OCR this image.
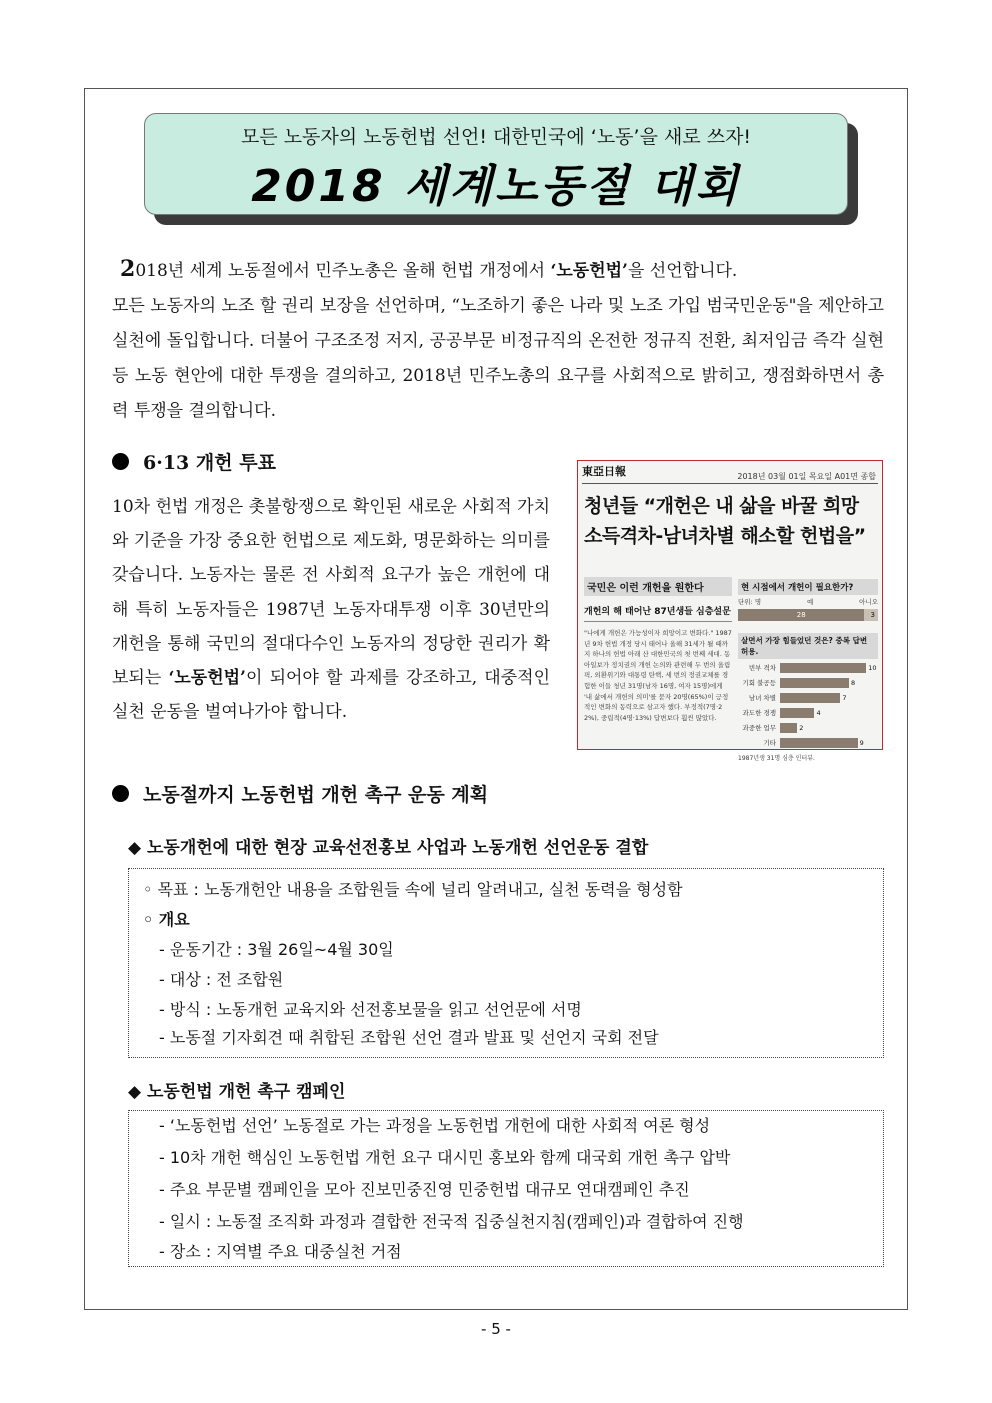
모든 노동자의 노동헌법 선언! 대한민국에 ‘노동’을 새로 쓰자!
2018 세계노동절 대회
2018년 세계 노동절에서 민주노총은 올해 헌법 개정에서 ‘노동헌법’을 선언합니다.
모든 노동자의 노조 할 권리 보장을 선언하며, “노조하기 좋은 나라 및 노조 가입 범국민운동"을 제안하고 실천에 돌입합니다. 더불어 구조조정 저지, 공공부문 비정규직의 온전한 정규직 전환, 최저임금 즉각 실현 등 노동 현안에 대한 투쟁을 결의하고, 2018년 민주노총의 요구를 사회적으로 밝히고, 쟁점화하면서 총력 투쟁을 결의합니다.
6·13 개헌 투표
10차 헌법 개정은 촛불항쟁으로 확인된 새로운 사회적 가치와 기준을 가장 중요한 헌법으로 제도화, 명문화하는 의미를 갖습니다. 노동자는 물론 전 사회적 요구가 높은 개헌에 대해 특히 노동자들은 1987년 노동자대투쟁 이후 30년만의 개헌을 통해 국민의 절대다수인 노동자의 정당한 권리가 확보되는 ‘노동헌법’이 되어야 할 과제를 강조하고, 대중적인 실천 운동을 벌여나가야 합니다.
東亞日報	2018년 03월 01일 목요일 A01면 종합
청년들 “개헌은 내 삶을 바꿀 희망
소득격차-남녀차별 해소할 헌법을”
국민은 이런 개헌을 원한다
개헌의 해 태어난 87년생들 심층설문
"나에게 개헌은 가능성이자 희망이고 변화다." 1987년 9차 헌법 개정 당시 태어나 올해 31세가 될 때까지 하나의 헌법 아래 산 대한민국의 첫 번째 세대. 동아일보가 정치권의 개헌 논의와 관련해 두 번의 올림픽, 외환위기와 대통령 탄핵, 세 번의 정권교체를 경험한 이들 청년 31명(남자 16명, 여자 15명)에게 '내 삶에서 개헌의 의미'를 묻자 20명(65%)이 긍정적인 변화의 동력으로 삼고자 했다. 부정적(7명·22%), 중립적(4명·13%) 답변보다 훨씬 많았다.
현 시점에서 개헌이 필요한가?
단위: 명	예	아니오
28	3
살면서 가장 힘들었던 것은? 중복 답변 허용.
빈부 격차	10
기회 불공등	8
남녀 차별	7
과도한 경쟁	4
과중한 업무	2
기타	9
1987년생 31명 심층 인터뷰.
노동절까지 노동헌법 개헌 촉구 운동 계획
◆ 노동개헌에 대한 현장 교육선전홍보 사업과 노동개헌 선언운동 결합
◦ 목표 : 노동개헌안 내용을 조합원들 속에 널리 알려내고, 실천 동력을 형성함
◦ 개요
- 운동기간 : 3월 26일~4월 30일
- 대상 : 전 조합원
- 방식 : 노동개헌 교육지와 선전홍보물을 읽고 선언문에 서명
- 노동절 기자회견 때 취합된 조합원 선언 결과 발표 및 선언지 국회 전달
◆ 노동헌법 개헌 촉구 캠페인
- ‘노동헌법 선언’ 노동절로 가는 과정을 노동헌법 개헌에 대한 사회적 여론 형성
- 10차 개헌 핵심인 노동헌법 개헌 요구 대시민 홍보와 함께 대국회 개헌 촉구 압박
- 주요 부문별 캠페인을 모아 진보민중진영 민중헌법 대규모 연대캠페인 추진
- 일시 : 노동절 조직화 과정과 결합한 전국적 집중실천지침(캠페인)과 결합하여 진행
- 장소 : 지역별 주요 대중실천 거점
- 5 -
